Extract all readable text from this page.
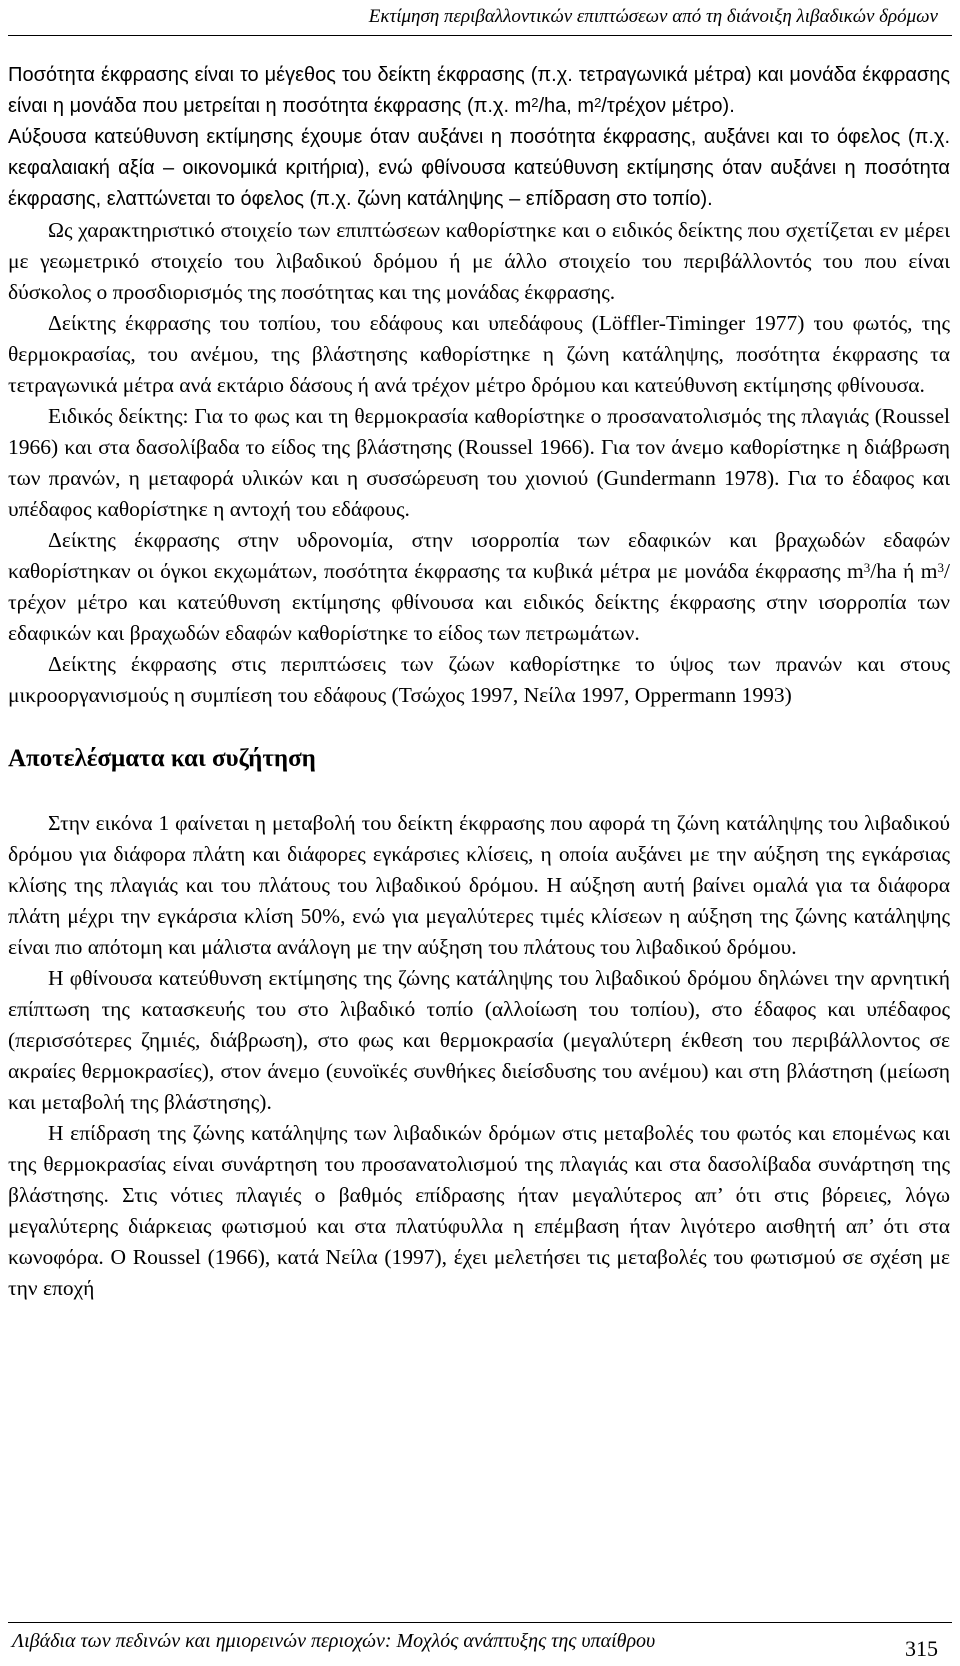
Εκτίμηση περιβαλλοντικών επιπτώσεων από τη διάνοιξη λιβαδικών δρόμων

Ποσότητα έκφρασης είναι το μέγεθος του δείκτη έκφρασης (π.χ. τετραγωνικά μέτρα) και μονάδα έκφρασης είναι η μονάδα που μετρείται η ποσότητα έκφρασης (π.χ. $m^2/ha$, $m^2$/τρέχον μέτρο).

Αύξουσα κατεύθυνση εκτίμησης έχουμε όταν αυξάνει η ποσότητα έκφρασης, αυξάνει και το όφελος (π.χ. κεφαλαιακή αξία – οικονομικά κριτήρια), ενώ φθίνουσα κατεύθυνση εκτίμησης όταν αυξάνει η ποσότητα έκφρασης, ελαττώνεται το όφελος (π.χ. ζώνη κατάληψης – επίδραση στο τοπίο).

Ως χαρακτηριστικό στοιχείο των επιπτώσεων καθορίστηκε και ο ειδικός δείκτης που σχετίζεται εν μέρει με γεωμετρικό στοιχείο του λιβαδικού δρόμου ή με άλλο στοιχείο του περιβάλλοντός του που είναι δύσκολος ο προσδιορισμός της ποσότητας και της μονάδας έκφρασης.

Δείκτης έκφρασης του τοπίου, του εδάφους και υπεδάφους (Löffler-Timinger 1977) του φωτός, της θερμοκρασίας, του ανέμου, της βλάστησης καθορίστηκε η ζώνη κατάληψης, ποσότητα έκφρασης τα τετραγωνικά μέτρα ανά εκτάριο δάσους ή ανά τρέχον μέτρο δρόμου και κατεύθυνση εκτίμησης φθίνουσα.

Ειδικός δείκτης: Για το φως και τη θερμοκρασία καθορίστηκε ο προσανατολισμός της πλαγιάς (Roussel 1966) και στα δασολίβαδα το είδος της βλάστησης (Roussel 1966). Για τον άνεμο καθορίστηκε η διάβρωση των πρανών, η μεταφορά υλικών και η συσσώρευση του χιονιού (Gundermann 1978). Για το έδαφος και υπέδαφος καθορίστηκε η αντοχή του εδάφους.

Δείκτης έκφρασης στην υδρονομία, στην ισορροπία των εδαφικών και βραχωδών εδαφών καθορίστηκαν οι όγκοι εκχωμάτων, ποσότητα έκφρασης τα κυβικά μέτρα με μονάδα έκφρασης $m^3/ha$ ή $m^3$/τρέχον μέτρο και κατεύθυνση εκτίμησης φθίνουσα και ειδικός δείκτης έκφρασης στην ισορροπία των εδαφικών και βραχωδών εδαφών καθορίστηκε το είδος των πετρωμάτων.

Δείκτης έκφρασης στις περιπτώσεις των ζώων καθορίστηκε το ύψος των πρανών και στους μικροοργανισμούς η συμπίεση του εδάφους (Τσώχος 1997, Νείλα 1997, Oppermann 1993)

Αποτελέσματα και συζήτηση

Στην εικόνα 1 φαίνεται η μεταβολή του δείκτη έκφρασης που αφορά τη ζώνη κατάληψης του λιβαδικού δρόμου για διάφορα πλάτη και διάφορες εγκάρσιες κλίσεις, η οποία αυξάνει με την αύξηση της εγκάρσιας κλίσης της πλαγιάς και του πλάτους του λιβαδικού δρόμου. Η αύξηση αυτή βαίνει ομαλά για τα διάφορα πλάτη μέχρι την εγκάρσια κλίση 50%, ενώ για μεγαλύτερες τιμές κλίσεων η αύξηση της ζώνης κατάληψης είναι πιο απότομη και μάλιστα ανάλογη με την αύξηση του πλάτους του λιβαδικού δρόμου.

Η φθίνουσα κατεύθυνση εκτίμησης της ζώνης κατάληψης του λιβαδικού δρόμου δηλώνει την αρνητική επίπτωση της κατασκευής του στο λιβαδικό τοπίο (αλλοίωση του τοπίου), στο έδαφος και υπέδαφος (περισσότερες ζημιές, διάβρωση), στο φως και θερμοκρασία (μεγαλύτερη έκθεση του περιβάλλοντος σε ακραίες θερμοκρασίες), στον άνεμο (ευνοϊκές συνθήκες διείσδυσης του ανέμου) και στη βλάστηση (μείωση και μεταβολή της βλάστησης).

Η επίδραση της ζώνης κατάληψης των λιβαδικών δρόμων στις μεταβολές του φωτός και επομένως και της θερμοκρασίας είναι συνάρτηση του προσανατολισμού της πλαγιάς και στα δασολίβαδα συνάρτηση της βλάστησης. Στις νότιες πλαγιές ο βαθμός επίδρασης ήταν μεγαλύτερος απ’ ότι στις βόρειες, λόγω μεγαλύτερης διάρκειας φωτισμού και στα πλατύφυλλα η επέμβαση ήταν λιγότερο αισθητή απ’ ότι στα κωνοφόρα. Ο Roussel (1966), κατά Νείλα (1997), έχει μελετήσει τις μεταβολές του φωτισμού σε σχέση με την εποχή

Λιβάδια των πεδινών και ημιορεινών περιοχών: Μοχλός ανάπτυξης της υπαίθρου	315
